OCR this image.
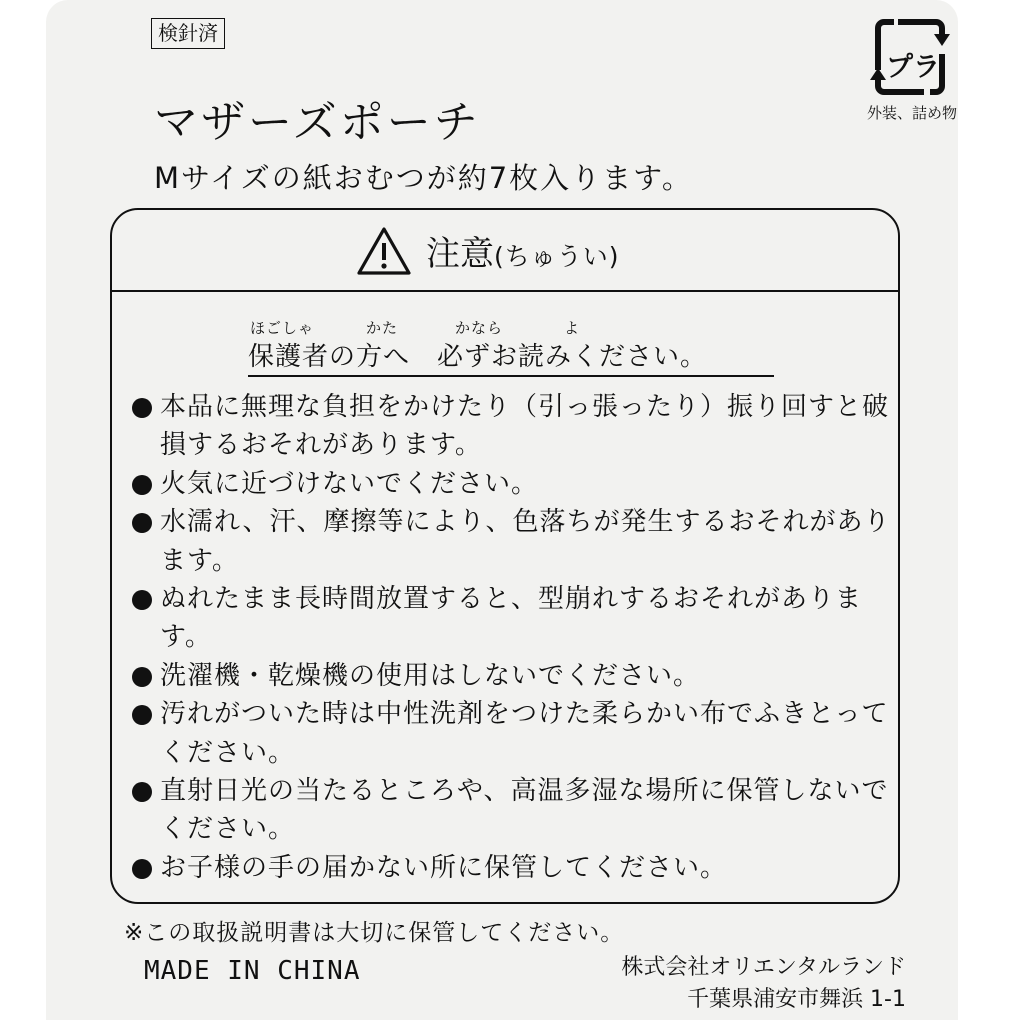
検針済
プラ
外装、詰め物
マザーズポーチ
Mサイズの紙おむつが約7枚入ります。
注意(ちゅうい)
ほごしゃ	かた	かなら	よ
保護者の方へ　必ずお読みください。
本品に無理な負担をかけたり（引っ張ったり）振り回すと破損するおそれがあります。
火気に近づけないでください。
水濡れ、汗、摩擦等により、色落ちが発生するおそれがあります。
ぬれたまま長時間放置すると、型崩れするおそれがあります。
洗濯機・乾燥機の使用はしないでください。
汚れがついた時は中性洗剤をつけた柔らかい布でふきとってください。
直射日光の当たるところや、高温多湿な場所に保管しないでください。
お子様の手の届かない所に保管してください。
※この取扱説明書は大切に保管してください。
MADE IN CHINA	株式会社オリエンタルランド
千葉県浦安市舞浜 1-1
